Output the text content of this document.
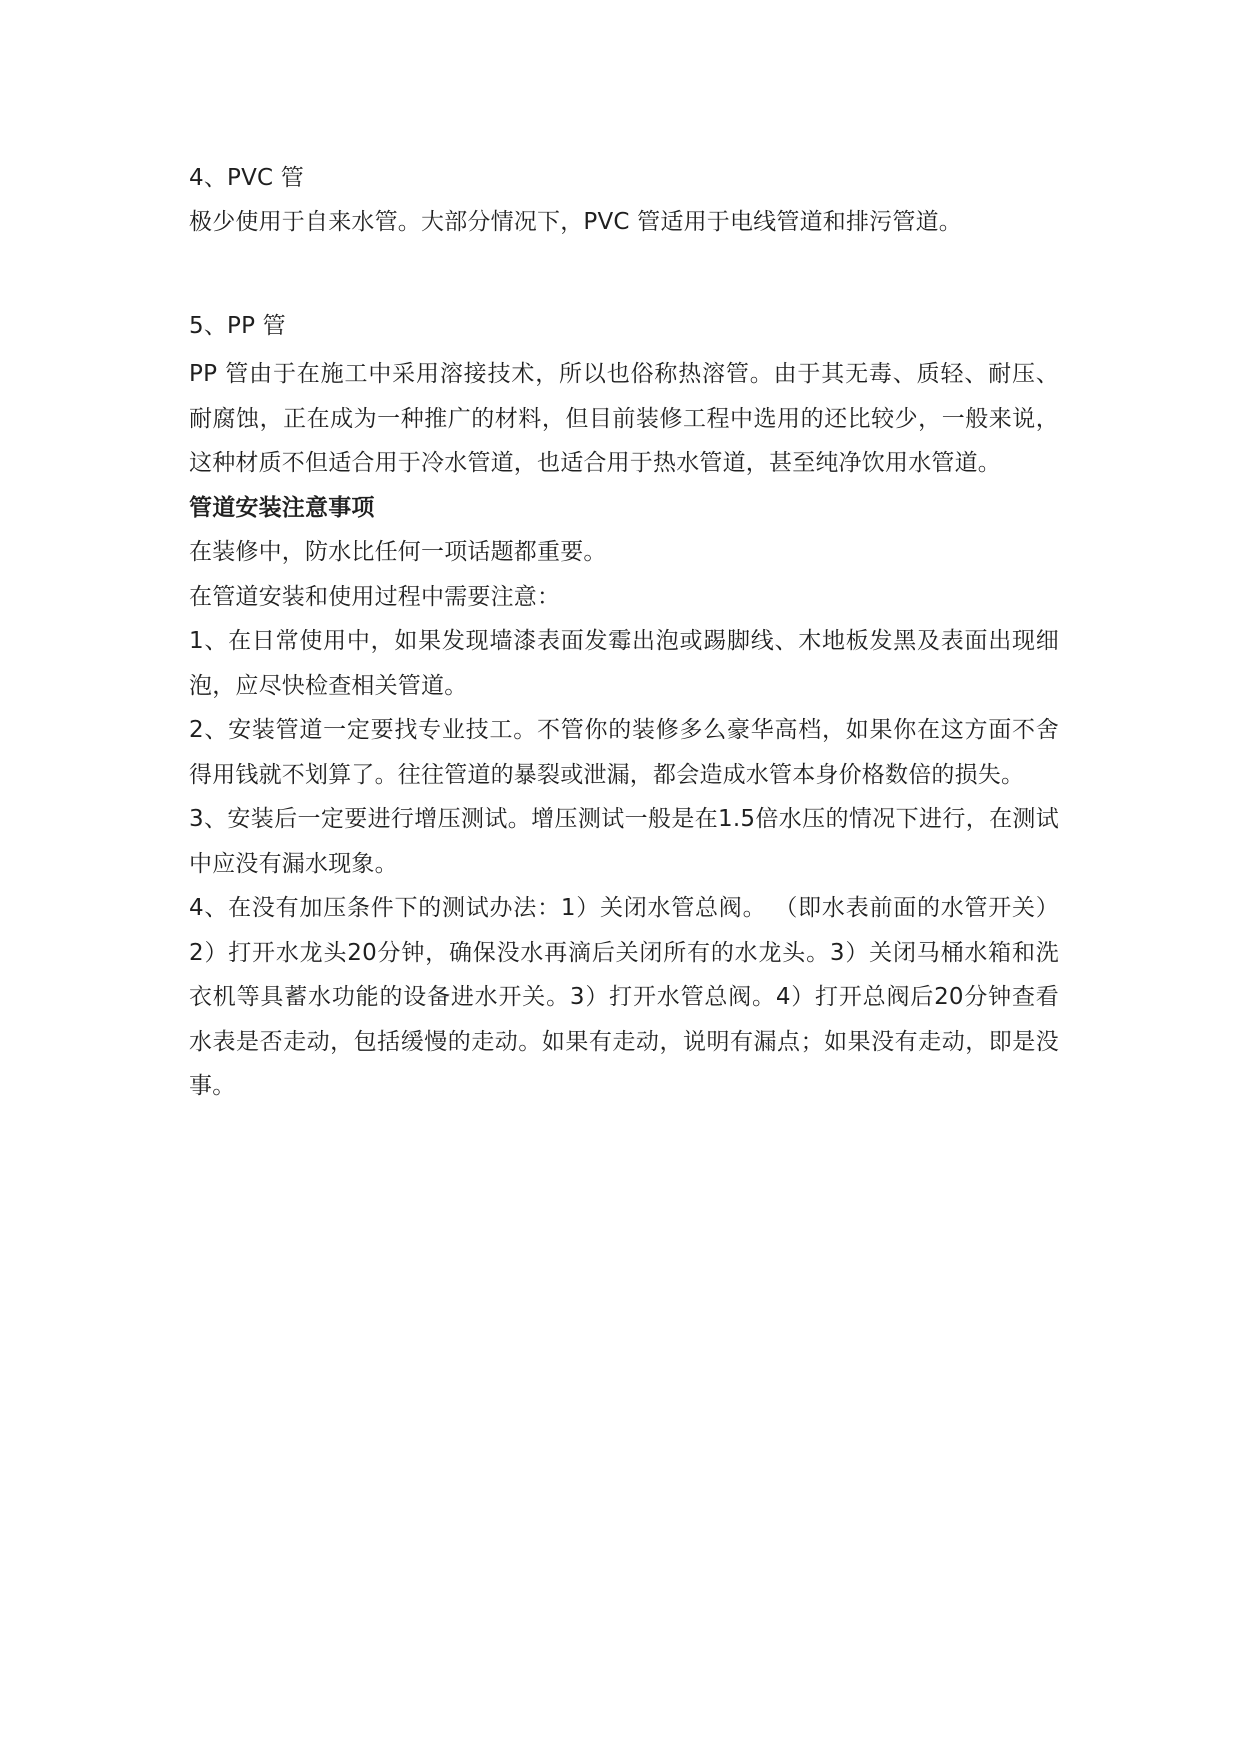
4、PVC 管

极少使用于自来水管。大部分情况下，PVC 管适用于电线管道和排污管道。

5、PP 管

PP 管由于在施工中采用溶接技术，所以也俗称热溶管。由于其无毒、质轻、耐压、耐腐蚀，正在成为一种推广的材料，但目前装修工程中选用的还比较少，一般来说，这种材质不但适合用于冷水管道，也适合用于热水管道，甚至纯净饮用水管道。

管道安装注意事项

在装修中，防水比任何一项话题都重要。

在管道安装和使用过程中需要注意：

1、在日常使用中，如果发现墙漆表面发霉出泡或踢脚线、木地板发黑及表面出现细泡，应尽快检查相关管道。

2、安装管道一定要找专业技工。不管你的装修多么豪华高档，如果你在这方面不舍得用钱就不划算了。往往管道的暴裂或泄漏，都会造成水管本身价格数倍的损失。

3、安装后一定要进行增压测试。增压测试一般是在1.5倍水压的情况下进行，在测试中应没有漏水现象。

4、在没有加压条件下的测试办法：1）关闭水管总阀。 （即水表前面的水管开关）2）打开水龙头20分钟，确保没水再滴后关闭所有的水龙头。3）关闭马桶水箱和洗衣机等具蓄水功能的设备进水开关。3）打开水管总阀。4）打开总阀后20分钟查看水表是否走动，包括缓慢的走动。如果有走动，说明有漏点；如果没有走动，即是没事。
